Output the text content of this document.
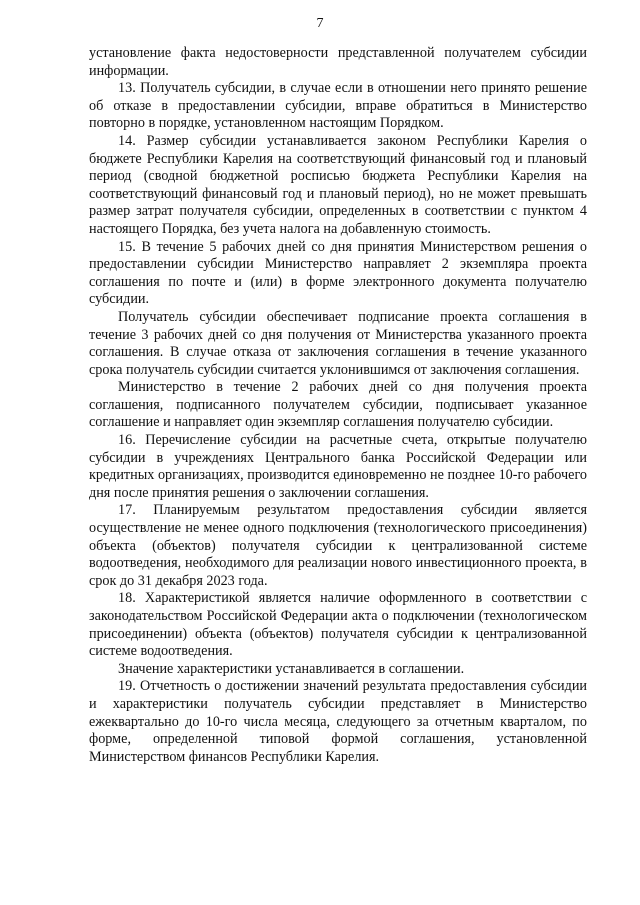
7

установление факта недостоверности представленной получателем субсидии информации.

13. Получатель субсидии, в случае если в отношении него принято решение об отказе в предоставлении субсидии, вправе обратиться в Министерство повторно в порядке, установленном настоящим Порядком.

14. Размер субсидии устанавливается законом Республики Карелия о бюджете Республики Карелия на соответствующий финансовый год и плановый период (сводной бюджетной росписью бюджета Республики Карелия на соответствующий финансовый год и плановый период), но не может превышать размер затрат получателя субсидии, определенных в соответствии с пунктом 4 настоящего Порядка, без учета налога на добавленную стоимость.

15. В течение 5 рабочих дней со дня принятия Министерством решения о предоставлении субсидии Министерство направляет 2 экземпляра проекта соглашения по почте и (или) в форме электронного документа получателю субсидии.

Получатель субсидии обеспечивает подписание проекта соглашения в течение 3 рабочих дней со дня получения от Министерства указанного проекта соглашения. В случае отказа от заключения соглашения в течение указанного срока получатель субсидии считается уклонившимся от заключения соглашения.

Министерство в течение 2 рабочих дней со дня получения проекта соглашения, подписанного получателем субсидии, подписывает указанное соглашение и направляет один экземпляр соглашения получателю субсидии.

16. Перечисление субсидии на расчетные счета, открытые получателю субсидии в учреждениях Центрального банка Российской Федерации или кредитных организациях, производится единовременно не позднее 10-го рабочего дня после принятия решения о заключении соглашения.

17. Планируемым результатом предоставления субсидии является осуществление не менее одного подключения (технологического присоединения) объекта (объектов) получателя субсидии к централизованной системе водоотведения, необходимого для реализации нового инвестиционного проекта, в срок до 31 декабря 2023 года.

18. Характеристикой является наличие оформленного в соответствии с законодательством Российской Федерации акта о подключении (технологическом присоединении) объекта (объектов) получателя субсидии к централизованной системе водоотведения.

Значение характеристики устанавливается в соглашении.

19. Отчетность о достижении значений результата предоставления субсидии и характеристики получатель субсидии представляет в Министерство ежеквартально до 10-го числа месяца, следующего за отчетным кварталом, по форме, определенной типовой формой соглашения, установленной Министерством финансов Республики Карелия.
